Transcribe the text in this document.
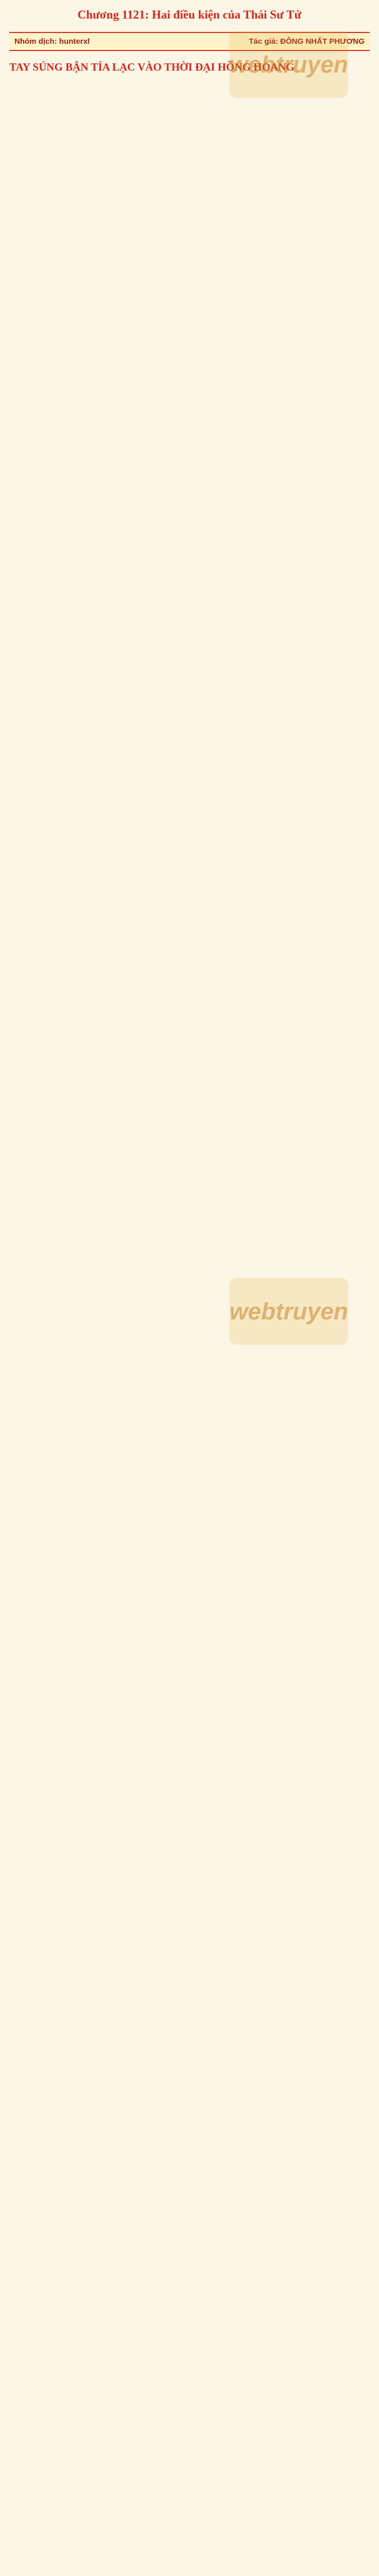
webtruyen
webtruyen
Chương 1121: Hai điều kiện của Thái Sư Tử

Nhóm dịch: hunterxl	Tác giả: ĐÔNG NHẤT PHƯƠNG
TAY SÚNG BẬN TÍA LẠC VÀO THỜI ĐẠI HỒNG HOANG
